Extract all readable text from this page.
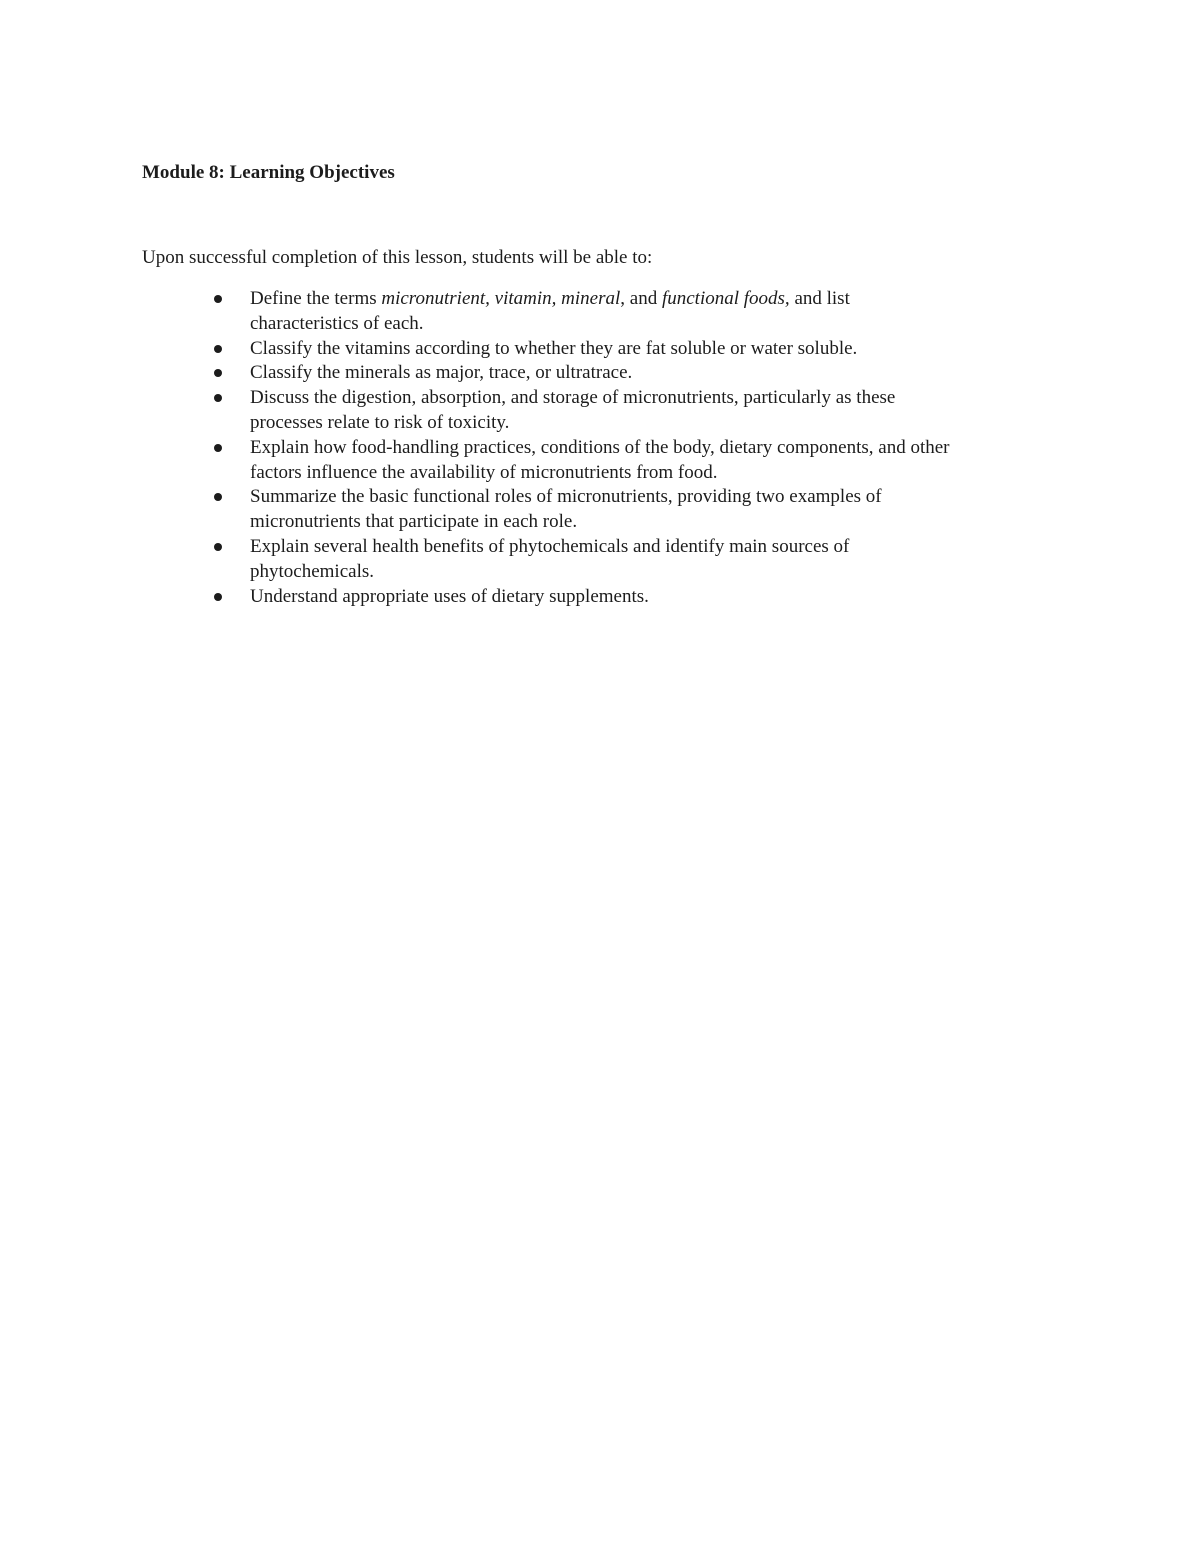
Module 8: Learning Objectives

Upon successful completion of this lesson, students will be able to:

Define the terms micronutrient, vitamin, mineral, and functional foods, and list
characteristics of each.
Classify the vitamins according to whether they are fat soluble or water soluble.
Classify the minerals as major, trace, or ultratrace.
Discuss the digestion, absorption, and storage of micronutrients, particularly as these
processes relate to risk of toxicity.
Explain how food-handling practices, conditions of the body, dietary components, and other
factors influence the availability of micronutrients from food.
Summarize the basic functional roles of micronutrients, providing two examples of
micronutrients that participate in each role.
Explain several health benefits of phytochemicals and identify main sources of
phytochemicals.
Understand appropriate uses of dietary supplements.
